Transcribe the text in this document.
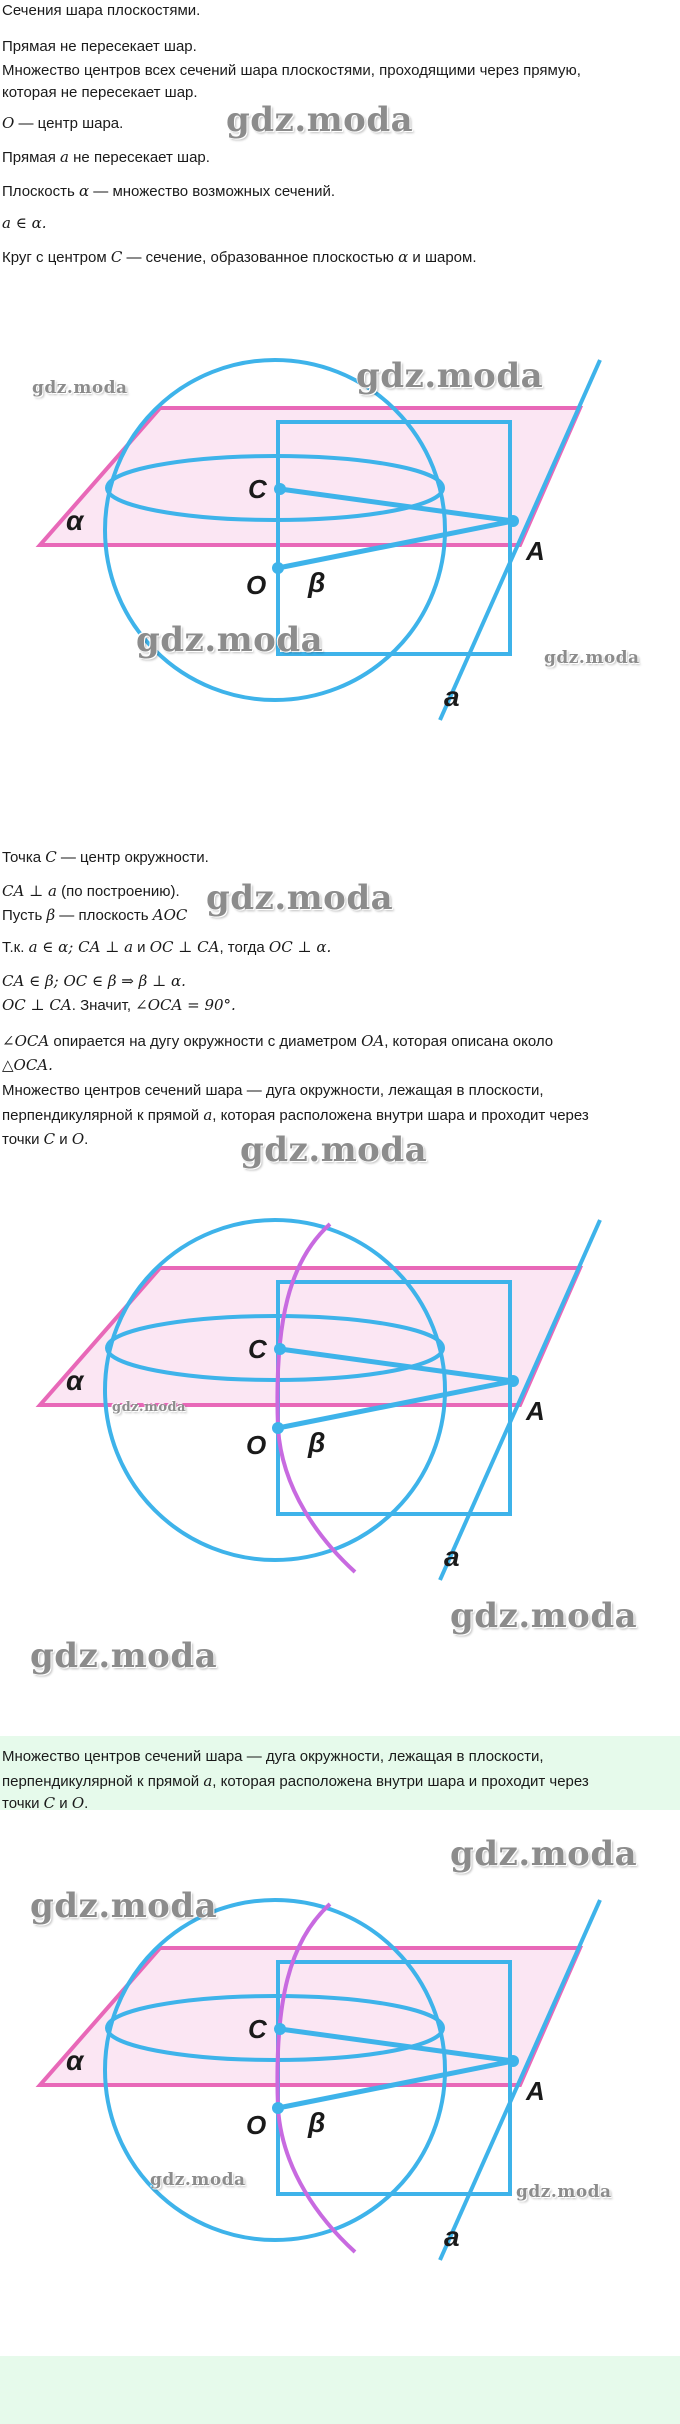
Сечения шара плоскостями.

Прямая не пересекает шар.

Множество центров всех сечений шара плоскостями, проходящими через прямую,

которая не пересекает шар.

O — центр шара.

Прямая a не пересекает шар.

Плоскость α — множество возможных сечений.

a ∈ α.

Круг с центром C — сечение, образованное плоскостью α и шаром.

gdz.moda
C
A
O β
α
a
gdz.moda	gdz.moda
gdz.moda	gdz.moda

Точка C — центр окружности.

CA ⊥ a (по построению).

Пусть β — плоскость AOC

Т.к. a ∈ α; CA ⊥ a и OC ⊥ CA, тогда OC ⊥ α.

CA ∈ β; OC ∈ β ⇒ β ⊥ α.

OC ⊥ CA. Значит, ∠OCA = 90°.

∠OCA опирается на дугу окружности с диаметром OA, которая описана около

△OCA.

Множество центров сечений шара — дуга окружности, лежащая в плоскости,

перпендикулярной к прямой a, которая расположена внутри шара и проходит через

точки C и O.

gdz.moda
gdz.moda
C
A
O β
α
a
gdz.moda
gdz.moda
gdz.moda

Множество центров сечений шара — дуга окружности, лежащая в плоскости,

перпендикулярной к прямой a, которая расположена внутри шара и проходит через

точки C и O.

C
A
O β
α
a
gdz.moda
gdz.moda
gdz.moda
gdz.moda
